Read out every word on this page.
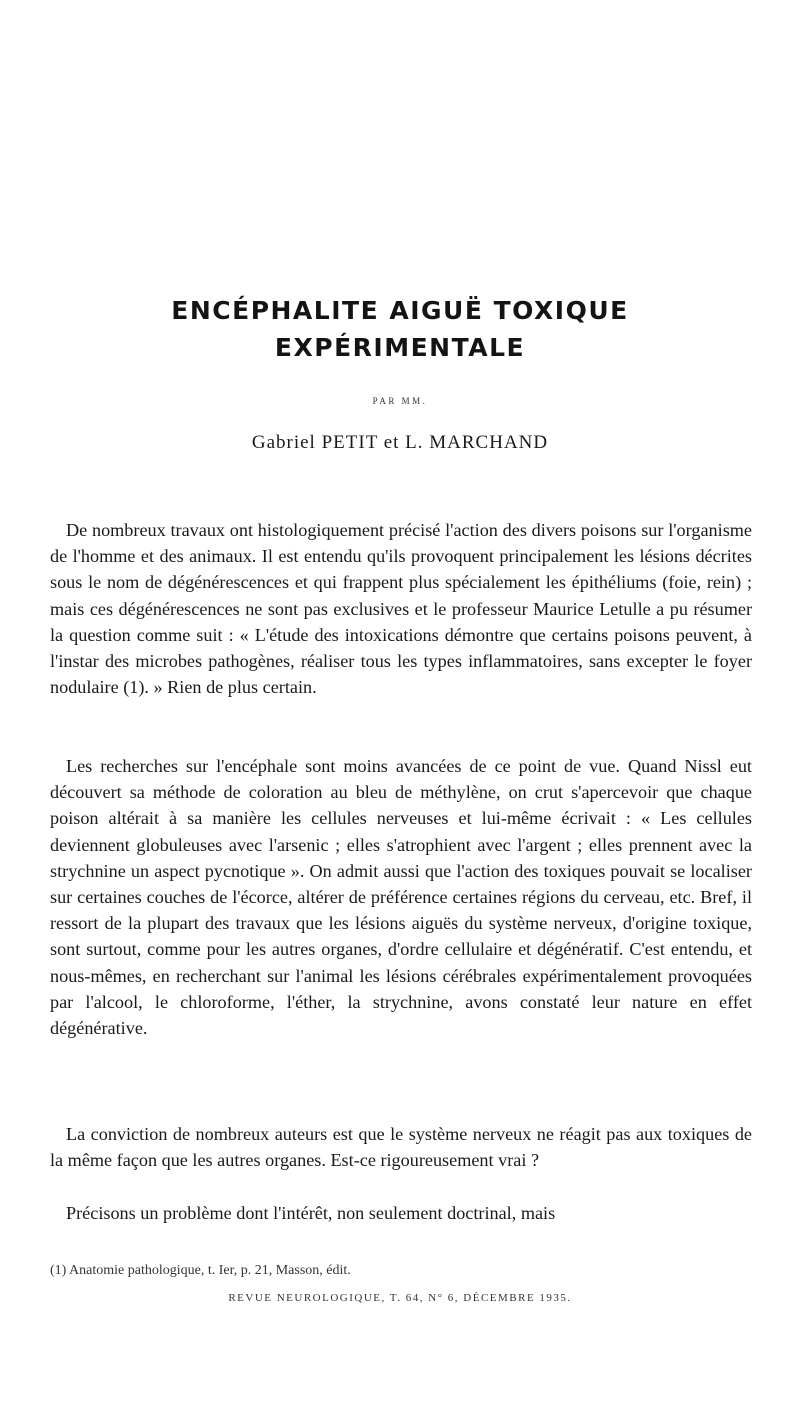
ENCÉPHALITE AIGUË TOXIQUE
EXPÉRIMENTALE
PAR MM.
Gabriel PETIT et L. MARCHAND

De nombreux travaux ont histologiquement précisé l'action des divers poisons sur l'organisme de l'homme et des animaux. Il est entendu qu'ils provoquent principalement les lésions décrites sous le nom de dégénérescences et qui frappent plus spécialement les épithéliums (foie, rein) ; mais ces dégénérescences ne sont pas exclusives et le professeur Maurice Letulle a pu résumer la question comme suit : « L'étude des intoxications démontre que certains poisons peuvent, à l'instar des microbes pathogènes, réaliser tous les types inflammatoires, sans excepter le foyer nodulaire (1). » Rien de plus certain.

Les recherches sur l'encéphale sont moins avancées de ce point de vue. Quand Nissl eut découvert sa méthode de coloration au bleu de méthylène, on crut s'apercevoir que chaque poison altérait à sa manière les cellules nerveuses et lui-même écrivait : « Les cellules deviennent globuleuses avec l'arsenic ; elles s'atrophient avec l'argent ; elles prennent avec la strychnine un aspect pycnotique ». On admit aussi que l'action des toxiques pouvait se localiser sur certaines couches de l'écorce, altérer de préférence certaines régions du cerveau, etc. Bref, il ressort de la plupart des travaux que les lésions aiguës du système nerveux, d'origine toxique, sont surtout, comme pour les autres organes, d'ordre cellulaire et dégénératif. C'est entendu, et nous-mêmes, en recherchant sur l'animal les lésions cérébrales expérimentalement provoquées par l'alcool, le chloroforme, l'éther, la strychnine, avons constaté leur nature en effet dégénérative.

La conviction de nombreux auteurs est que le système nerveux ne réagit pas aux toxiques de la même façon que les autres organes. Est-ce rigoureusement vrai ?

Précisons un problème dont l'intérêt, non seulement doctrinal, mais

(1) Anatomie pathologique, t. Ier, p. 21, Masson, édit.
REVUE NEUROLOGIQUE, T. 64, N° 6, DÉCEMBRE 1935.
